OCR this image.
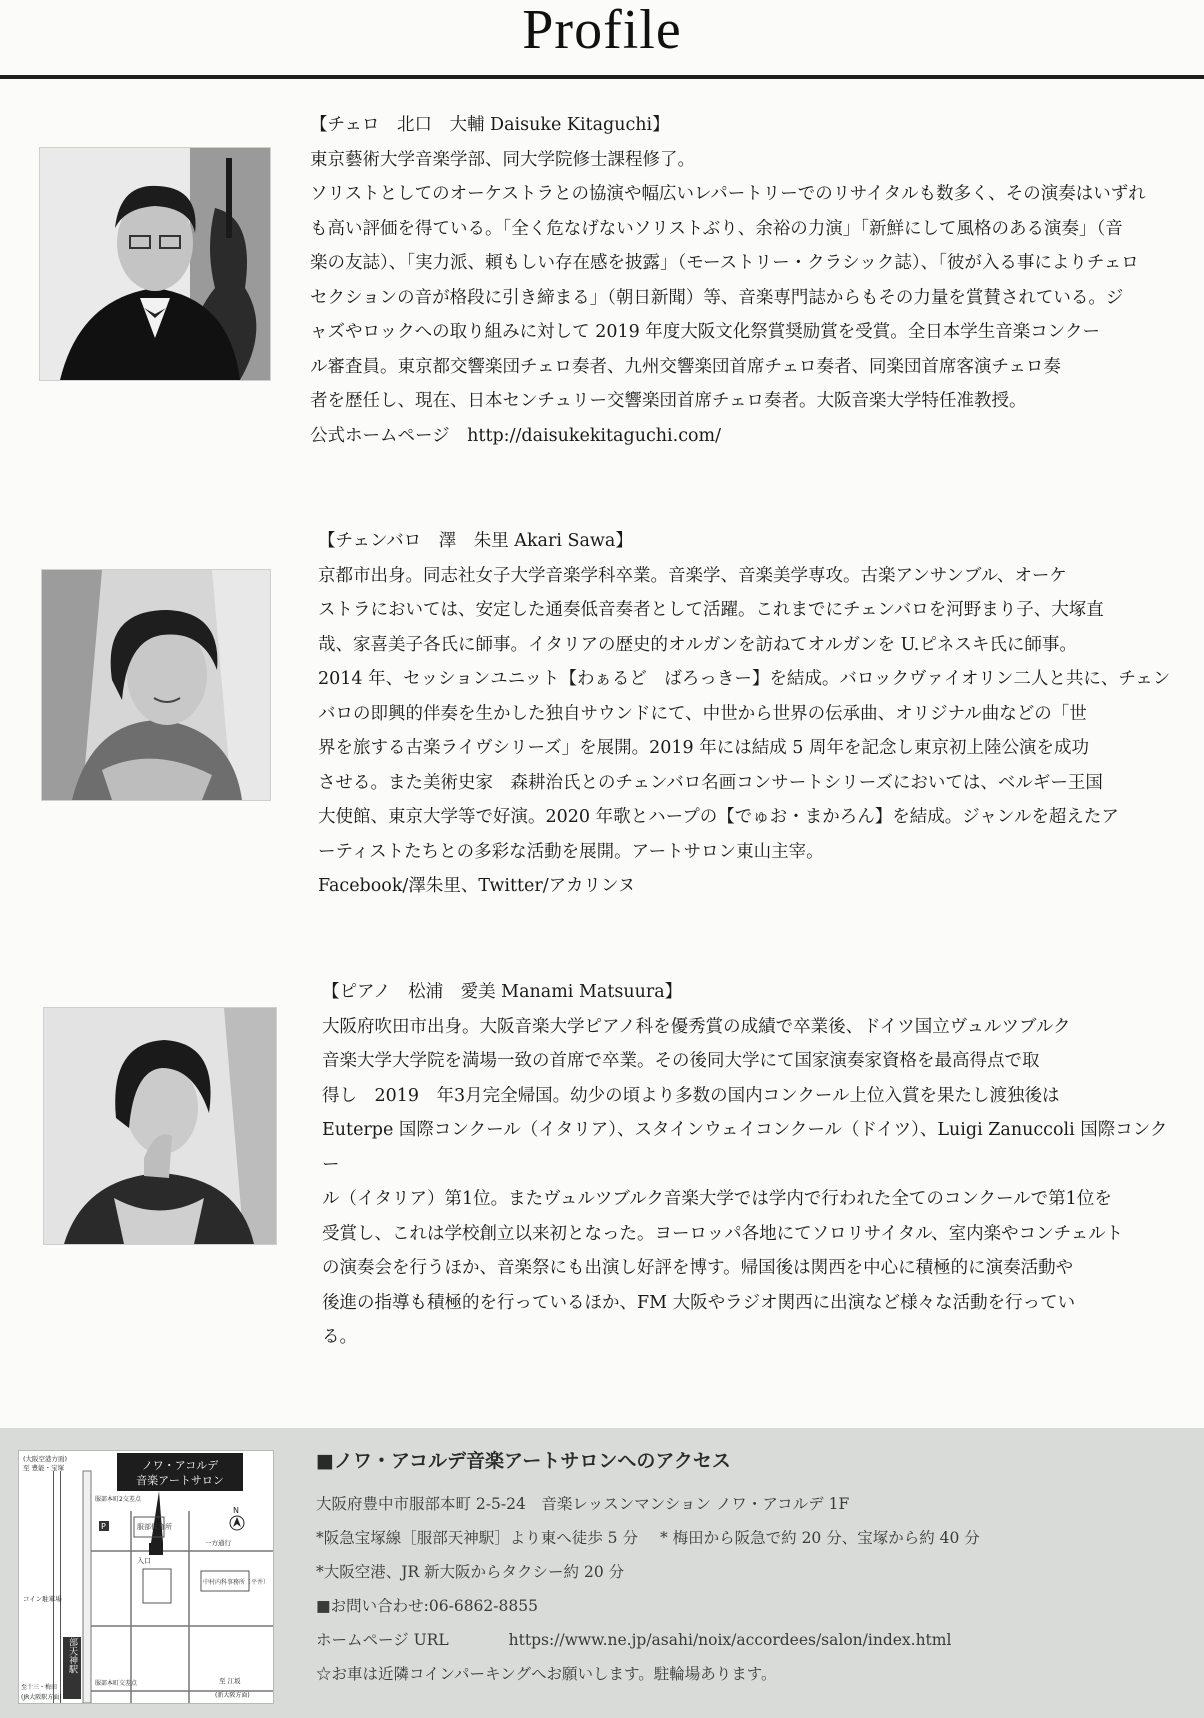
Profile
【チェロ　北口　大輔 Daisuke Kitaguchi】
東京藝術大学音楽学部、同大学院修士課程修了。
ソリストとしてのオーケストラとの協演や幅広いレパートリーでのリサイタルも数多く、その演奏はいずれ
も高い評価を得ている。「全く危なげないソリストぶり、余裕の力演」「新鮮にして風格のある演奏」（音
楽の友誌）、「実力派、頼もしい存在感を披露」（モーストリー・クラシック誌）、「彼が入る事によりチェロ
セクションの音が格段に引き締まる」（朝日新聞）等、音楽専門誌からもその力量を賞賛されている。ジ
ャズやロックへの取り組みに対して 2019 年度大阪文化祭賞奨励賞を受賞。全日本学生音楽コンクー
ル審査員。東京都交響楽団チェロ奏者、九州交響楽団首席チェロ奏者、同楽団首席客演チェロ奏
者を歴任し、現在、日本センチュリー交響楽団首席チェロ奏者。大阪音楽大学特任准教授。
公式ホームページ　http://daisukekitaguchi.com/
【チェンバロ　澤　朱里 Akari Sawa】
京都市出身。同志社女子大学音楽学科卒業。音楽学、音楽美学専攻。古楽アンサンブル、オーケ
ストラにおいては、安定した通奏低音奏者として活躍。これまでにチェンバロを河野まり子、大塚直
哉、家喜美子各氏に師事。イタリアの歴史的オルガンを訪ねてオルガンを U.ピネスキ氏に師事。
2014 年、セッションユニット【わぁるど　ばろっきー】を結成。バロックヴァイオリン二人と共に、チェン
バロの即興的伴奏を生かした独自サウンドにて、中世から世界の伝承曲、オリジナル曲などの「世
界を旅する古楽ライヴシリーズ」を展開。2019 年には結成 5 周年を記念し東京初上陸公演を成功
させる。また美術史家　森耕治氏とのチェンバロ名画コンサートシリーズにおいては、ベルギー王国
大使館、東京大学等で好演。2020 年歌とハープの【でゅお・まかろん】を結成。ジャンルを超えたア
ーティストたちとの多彩な活動を展開。アートサロン東山主宰。
Facebook/澤朱里、Twitter/アカリンヌ
【ピアノ　松浦　愛美 Manami Matsuura】
大阪府吹田市出身。大阪音楽大学ピアノ科を優秀賞の成績で卒業後、ドイツ国立ヴュルツブルク
音楽大学大学院を満場一致の首席で卒業。その後同大学にて国家演奏家資格を最高得点で取
得し　2019　年3月完全帰国。幼少の頃より多数の国内コンクール上位入賞を果たし渡独後は
Euterpe 国際コンクール（イタリア）、スタインウェイコンクール（ドイツ）、Luigi Zanuccoli 国際コンクー
ル（イタリア）第1位。またヴュルツブルク音楽大学では学内で行われた全てのコンクールで第1位を
受賞し、これは学校創立以来初となった。ヨーロッパ各地にてソロリサイタル、室内楽やコンチェルト
の演奏会を行うほか、音楽祭にも出演し好評を博す。帰国後は関西を中心に積極的に演奏活動や
後進の指導も積極的を行っているほか、FM 大阪やラジオ関西に出演など様々な活動を行ってい
る。
服部天神駅
ノワ・アコルデ
音楽アートサロン
服部保育所
P
中村内科事務所（平井）
(大阪空港方面)
至 豊能・宝塚
服部本町2交差点
入口
一方通行
コイン駐車場
服部本町交差点	至 江坂
(新大阪方面)
至十三・梅田
(JR大阪駅方面)
N
■ノワ・アコルデ音楽アートサロンへのアクセス
大阪府豊中市服部本町 2-5-24　音楽レッスンマンション ノワ・アコルデ 1F
*阪急宝塚線［服部天神駅］より東へ徒歩 5 分 * 梅田から阪急で約 20 分、宝塚から約 40 分
*大阪空港、JR 新大阪からタクシー約 20 分
■お問い合わせ:06-6862-8855
ホームページ URL	https://www.ne.jp/asahi/noix/accordees/salon/index.html
☆お車は近隣コインパーキングへお願いします。駐輪場あります。
